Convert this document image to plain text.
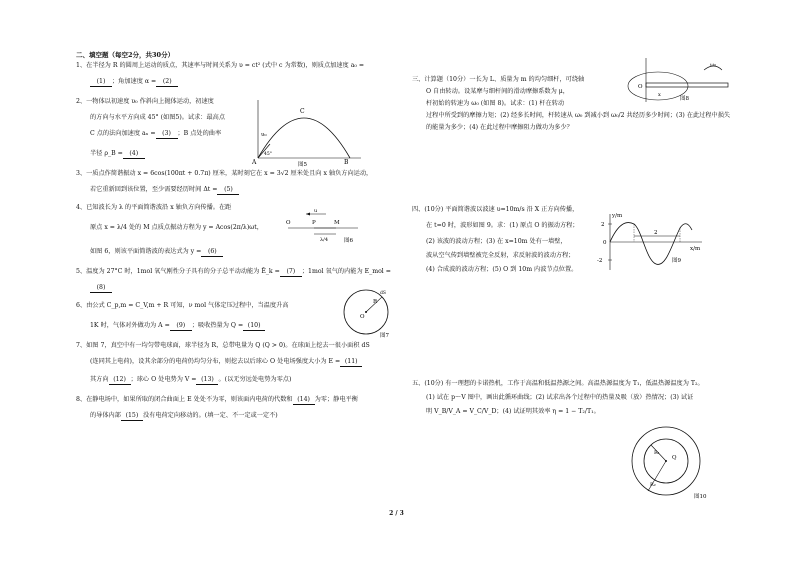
二、填空题（每空2分，共30分）
1、在半径为 R 的圆周上运动的质点，其速率与时间关系为 υ = ct² (式中 c 为常数)，则质点加速度 a₀ =
(1) ；角加速度 α = (2)
2、一物体以初速度 υ₀ 作斜向上抛体运动，初速度
的方向与水平方向成 45° (如图5)。试求：最高点
C 点的法向加速度 aₙ = (3) ；B 点处的曲率
半径 ρ_B = (4)
C
A	B
υ₀
45°
图5
3、一质点作简谐振动 x = 6cos(100πt + 0.7π) 厘米，某时刻它在 x = 3√2 厘米处且向 x 轴负方向运动，
若它重新回到该位置，至少需要经历时间 Δt = (5)
4、已知波长为 λ 的平面简谐波沿 x 轴负方向传播。在距
原点 x = λ/4 处的 M 点质点振动方程为 y = Acos(2π/λ)ωt，
如图 6，则该平面简谐波的表达式为 y = (6)
u
O	P	M
λ/4	图6
5、温度为 27°C 时，1mol 氧气刚性分子具有的分子总平动动能为 Ē_k = (7) ；1mol 氧气的内能为 E_mol =
(8)
6、由公式 C_p,m = C_V,m + R 可知，ν mol 气体定压过程中，当温度升高
1K 时，气体对外做功为 A = (9) ；吸收热量为 Q = (10)
O
R
dS
图7
7、如图 7，真空中有一均匀带电球面，球半径为 R，总带电量为 Q (Q > 0)。在球面上挖去一很小面积 dS
(连同其上电荷)，设其余部分的电荷仍均匀分布，则挖去以后球心 O 处电场强度大小为 E = (11)
其方向 (12) ；球心 O 处电势为 V = (13) 。(以无穷远处电势为零点)
8、在静电场中，如果所取的闭合曲面上 E 处处不为零，则该面内电荷的代数和 (14) 为零；静电平衡
的导体内部 (15) 没有电荷定向移动的。(填一定、不一定或一定不)
三、计算题（10分）一长为 L、质量为 m 的均匀细杆，可绕轴
O 自由转动。设某摩与细杆间的滑动摩擦系数为 μ，
杆初始的转速为 ω₀ (如图 8)。试求：(1) 杆在转动
过程中所受到的摩擦力矩；(2) 经多长时间，杆转速从 ω₀ 到减小到 ω₀/2 共经历多少时间；(3) 在此过程中损失
的能量为多少；(4) 在此过程中摩擦阻力做功为多少？
O
x
ω₀
图8
四、(10分) 平面简谐波以波速 υ=10m/s 沿 X 正方向传播，
在 t=0 时，波形如图 9。求：(1) 原点 O 的振动方程；
(2) 该波的波动方程；(3) 在 x=10m 处有一墙壁，
波从空气传到墙壁被完全反射，求反射波的波动方程；
(4) 合成波的波动方程；(5) O 到 10m 内波节点位置。
y/m
x/m
2
0
-2
2
图9
五、(10分) 有一理想的卡诺热机，工作于高温和低温热源之间。高温热源温度为 T₁，低温热源温度为 T₂。
(1) 试在 p～V 图中，画出此循环曲线；(2) 试求出各个过程中的热量及吸（放）热情况；(3) 试证
明 V_B/V_A = V_C/V_D；(4) 试证明其效率 η = 1 − T₂/T₁。
R₁
R₂
Q
图10
2 / 3
